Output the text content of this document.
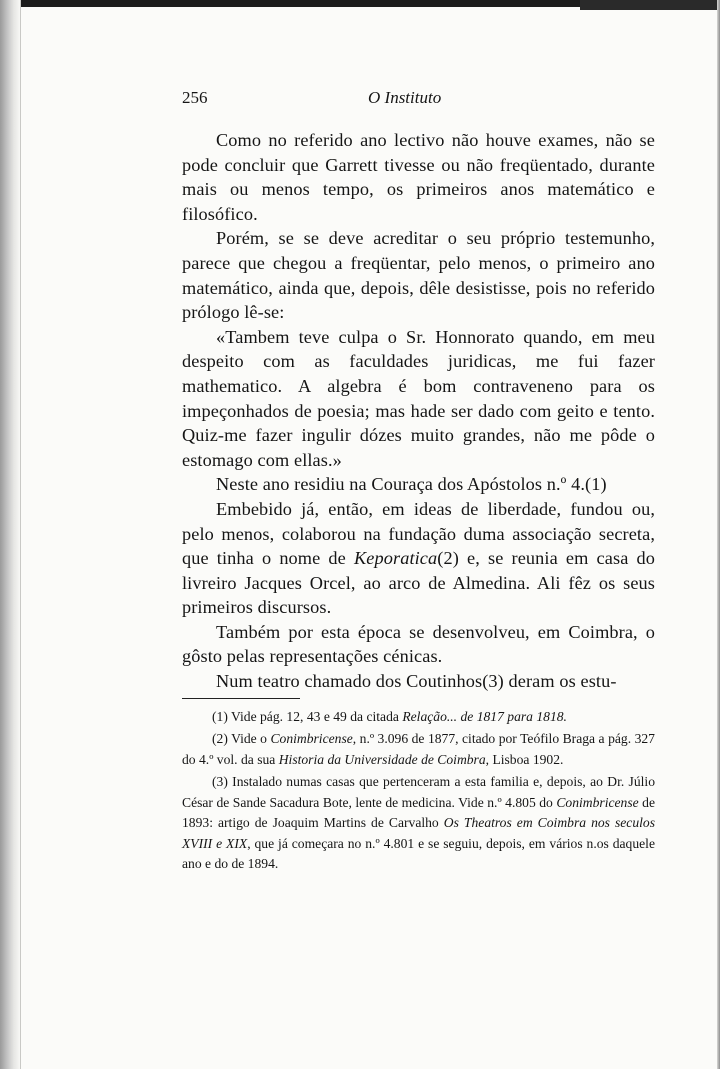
256	O Instituto

Como no referido ano lectivo não houve exames, não se pode concluir que Garrett tivesse ou não freqüentado, durante mais ou menos tempo, os primeiros anos matemático e filosófico.

Porém, se se deve acreditar o seu próprio testemunho, parece que chegou a freqüentar, pelo menos, o primeiro ano matemático, ainda que, depois, dêle desistisse, pois no referido prólogo lê-se:

«Tambem teve culpa o Sr. Honnorato quando, em meu despeito com as faculdades juridicas, me fui fazer mathematico. A algebra é bom contraveneno para os impeçonhados de poesia; mas hade ser dado com geito e tento. Quiz-me fazer ingulir dózes muito grandes, não me pôde o estomago com ellas.»

Neste ano residiu na Couraça dos Apóstolos n.º 4.(1)

Embebido já, então, em ideas de liberdade, fundou ou, pelo menos, colaborou na fundação duma associação secreta, que tinha o nome de Keporatica(2) e, se reunia em casa do livreiro Jacques Orcel, ao arco de Almedina. Ali fêz os seus primeiros discursos.

Também por esta época se desenvolveu, em Coimbra, o gôsto pelas representações cénicas.

Num teatro chamado dos Coutinhos(3) deram os estu-

(1) Vide pág. 12, 43 e 49 da citada Relação... de 1817 para 1818.

(2) Vide o Conimbricense, n.º 3.096 de 1877, citado por Teófilo Braga a pág. 327 do 4.º vol. da sua Historia da Universidade de Coimbra, Lisboa 1902.

(3) Instalado numas casas que pertenceram a esta familia e, depois, ao Dr. Júlio César de Sande Sacadura Bote, lente de medicina. Vide n.º 4.805 do Conimbricense de 1893: artigo de Joaquim Martins de Carvalho Os Theatros em Coimbra nos seculos XVIII e XIX, que já começara no n.º 4.801 e se seguiu, depois, em vários n.os daquele ano e do de 1894.
